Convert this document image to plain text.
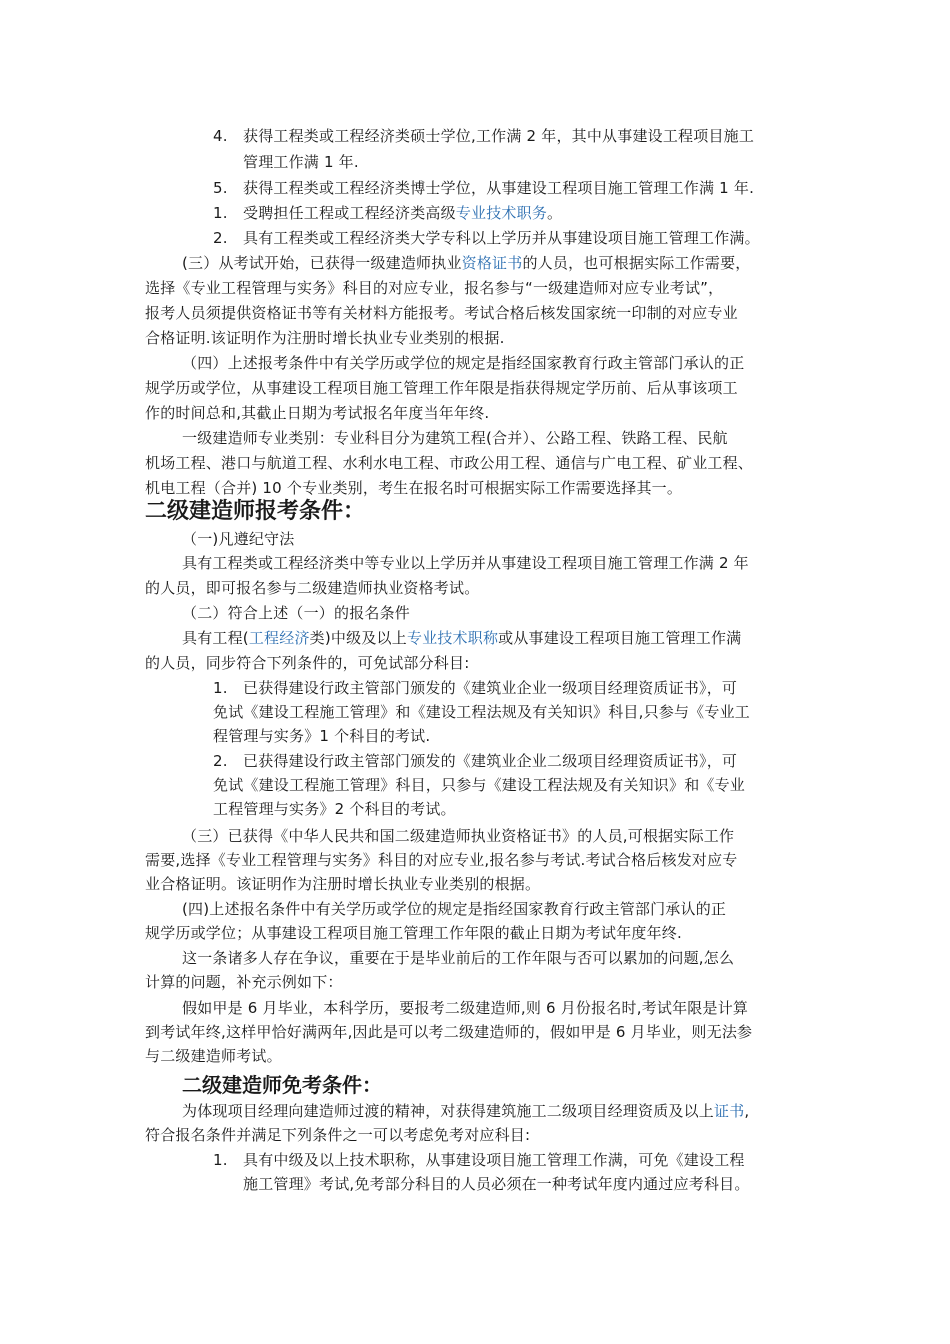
4. 获得工程类或工程经济类硕士学位,工作满 2 年，其中从事建设工程项目施工
管理工作满 1 年.
5. 获得工程类或工程经济类博士学位，从事建设工程项目施工管理工作满 1 年.
1. 受聘担任工程或工程经济类高级专业技术职务。
2. 具有工程类或工程经济类大学专科以上学历并从事建设项目施工管理工作满。
(三）从考试开始，已获得一级建造师执业资格证书的人员，也可根据实际工作需要，
选择《专业工程管理与实务》科目的对应专业，报名参与“一级建造师对应专业考试”，
报考人员须提供资格证书等有关材料方能报考。考试合格后核发国家统一印制的对应专业
合格证明.该证明作为注册时增长执业专业类别的根据.
（四）上述报考条件中有关学历或学位的规定是指经国家教育行政主管部门承认的正
规学历或学位，从事建设工程项目施工管理工作年限是指获得规定学历前、后从事该项工
作的时间总和,其截止日期为考试报名年度当年年终.
一级建造师专业类别：专业科目分为建筑工程(合并）、公路工程、铁路工程、民航
机场工程、港口与航道工程、水利水电工程、市政公用工程、通信与广电工程、矿业工程、
机电工程（合并) 10 个专业类别，考生在报名时可根据实际工作需要选择其一。
二级建造师报考条件：
（一)凡遵纪守法
具有工程类或工程经济类中等专业以上学历并从事建设工程项目施工管理工作满 2 年
的人员，即可报名参与二级建造师执业资格考试。
（二）符合上述（一）的报名条件
具有工程(工程经济类)中级及以上专业技术职称或从事建设工程项目施工管理工作满
的人员，同步符合下列条件的，可免试部分科目:
1. 已获得建设行政主管部门颁发的《建筑业企业一级项目经理资质证书》，可
免试《建设工程施工管理》和《建设工程法规及有关知识》科目,只参与《专业工
程管理与实务》1 个科目的考试.
2. 已获得建设行政主管部门颁发的《建筑业企业二级项目经理资质证书》，可
免试《建设工程施工管理》科目，只参与《建设工程法规及有关知识》和《专业
工程管理与实务》2 个科目的考试。
（三）已获得《中华人民共和国二级建造师执业资格证书》的人员,可根据实际工作
需要,选择《专业工程管理与实务》科目的对应专业,报名参与考试.考试合格后核发对应专
业合格证明。该证明作为注册时增长执业专业类别的根据。
(四)上述报名条件中有关学历或学位的规定是指经国家教育行政主管部门承认的正
规学历或学位；从事建设工程项目施工管理工作年限的截止日期为考试年度年终.
这一条诸多人存在争议，重要在于是毕业前后的工作年限与否可以累加的问题,怎么
计算的问题，补充示例如下：
假如甲是 6 月毕业，本科学历，要报考二级建造师,则 6 月份报名时,考试年限是计算
到考试年终,这样甲恰好满两年,因此是可以考二级建造师的，假如甲是 6 月毕业，则无法参
与二级建造师考试。
二级建造师免考条件：
为体现项目经理向建造师过渡的精神，对获得建筑施工二级项目经理资质及以上证书,
符合报名条件并满足下列条件之一可以考虑免考对应科目:
1. 具有中级及以上技术职称，从事建设项目施工管理工作满，可免《建设工程
施工管理》考试,免考部分科目的人员必须在一种考试年度内通过应考科目。
